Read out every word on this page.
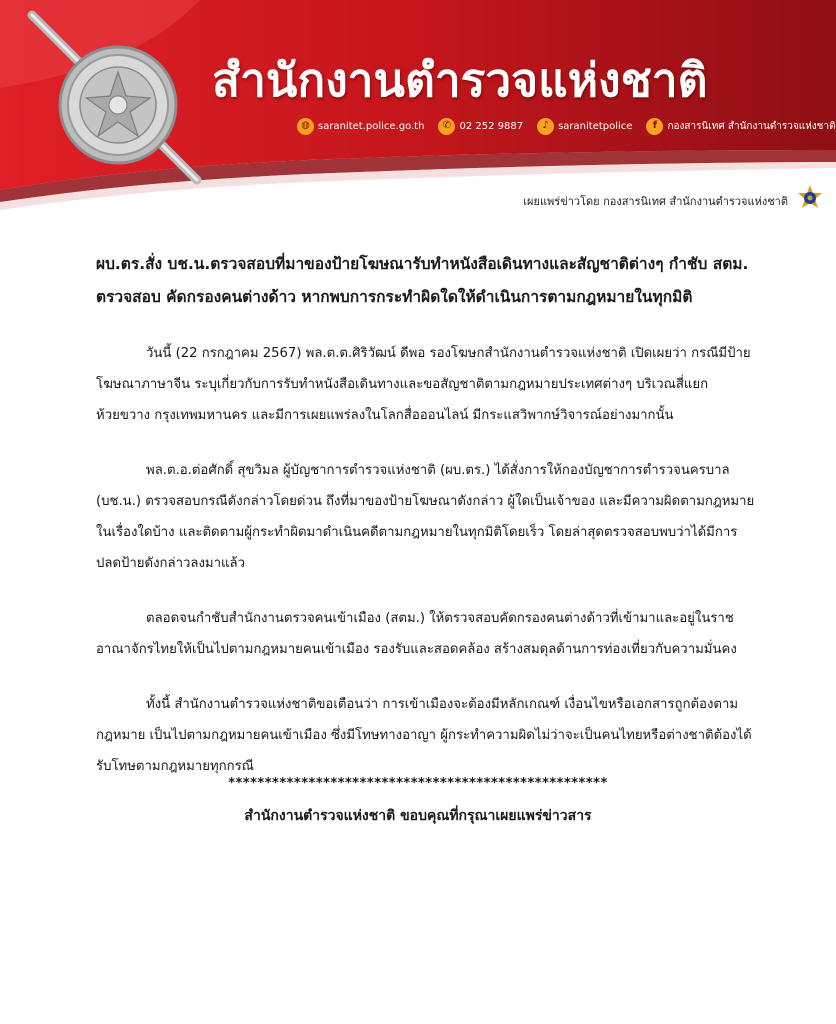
สำนักงานตำรวจแห่งชาติ
◍ saranitet.police.go.th	✆ 02 252 9887	♪ saranitetpolice	f	กองสารนิเทศ สำนักงานตำรวจแห่งชาติ
เผยแพร่ข่าวโดย กองสารนิเทศ สำนักงานตำรวจแห่งชาติ
ผบ.ตร.สั่ง บช.น.ตรวจสอบที่มาของป้ายโฆษณารับทำหนังสือเดินทางและสัญชาติต่างๆ กำชับ สตม.
ตรวจสอบ คัดกรองคนต่างด้าว หากพบการกระทำผิดใดให้ดำเนินการตามกฎหมายในทุกมิติ

วันนี้ (22 กรกฎาคม 2567) พล.ต.ต.ศิริวัฒน์ ดีพอ รองโฆษกสำนักงานตำรวจแห่งชาติ เปิดเผยว่า กรณีมีป้ายโฆษณาภาษาจีน ระบุเกี่ยวกับการรับทำหนังสือเดินทางและขอสัญชาติตามกฎหมายประเทศต่างๆ บริเวณสี่แยกห้วยขวาง กรุงเทพมหานคร และมีการเผยแพร่ลงในโลกสื่อออนไลน์ มีกระแสวิพากษ์วิจารณ์อย่างมากนั้น

พล.ต.อ.ต่อศักดิ์ สุขวิมล ผู้บัญชาการตำรวจแห่งชาติ (ผบ.ตร.) ได้สั่งการให้กองบัญชาการตำรวจนครบาล (บช.น.) ตรวจสอบกรณีดังกล่าวโดยด่วน ถึงที่มาของป้ายโฆษณาดังกล่าว ผู้ใดเป็นเจ้าของ และมีความผิดตามกฎหมายในเรื่องใดบ้าง และติดตามผู้กระทำผิดมาดำเนินคดีตามกฎหมายในทุกมิติโดยเร็ว โดยล่าสุดตรวจสอบพบว่าได้มีการปลดป้ายดังกล่าวลงมาแล้ว

ตลอดจนกำชับสำนักงานตรวจคนเข้าเมือง (สตม.) ให้ตรวจสอบคัดกรองคนต่างด้าวที่เข้ามาและอยู่ในราชอาณาจักรไทยให้เป็นไปตามกฎหมายคนเข้าเมือง รองรับและสอดคล้อง สร้างสมดุลด้านการท่องเที่ยวกับความมั่นคง

ทั้งนี้ สำนักงานตำรวจแห่งชาติขอเตือนว่า การเข้าเมืองจะต้องมีหลักเกณฑ์ เงื่อนไขหรือเอกสารถูกต้องตามกฎหมาย เป็นไปตามกฎหมายคนเข้าเมือง ซึ่งมีโทษทางอาญา ผู้กระทำความผิดไม่ว่าจะเป็นคนไทยหรือต่างชาติต้องได้รับโทษตามกฎหมายทุกกรณี

****************************************************
สำนักงานตำรวจแห่งชาติ ขอบคุณที่กรุณาเผยแพร่ข่าวสาร
